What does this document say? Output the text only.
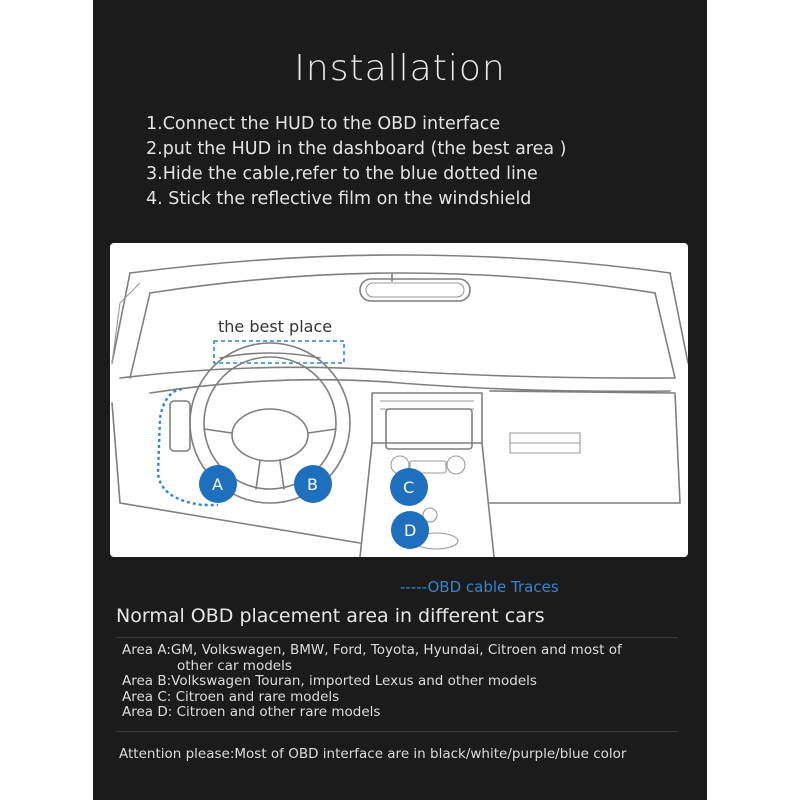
Installation
1.Connect the HUD to the OBD interface
2.put the HUD in the dashboard (the best area )
3.Hide the cable,refer to the blue dotted line
4. Stick the reflective film on the windshield
the best place
A	B	C
D
-----OBD cable Traces
Normal OBD placement area in different cars
Area A:GM, Volkswagen, BMW, Ford, Toyota, Hyundai, Citroen and most of
other car models
Area B:Volkswagen Touran, imported Lexus and other models
Area C: Citroen and rare models
Area D: Citroen and other rare models
Attention please:Most of OBD interface are in black/white/purple/blue color
